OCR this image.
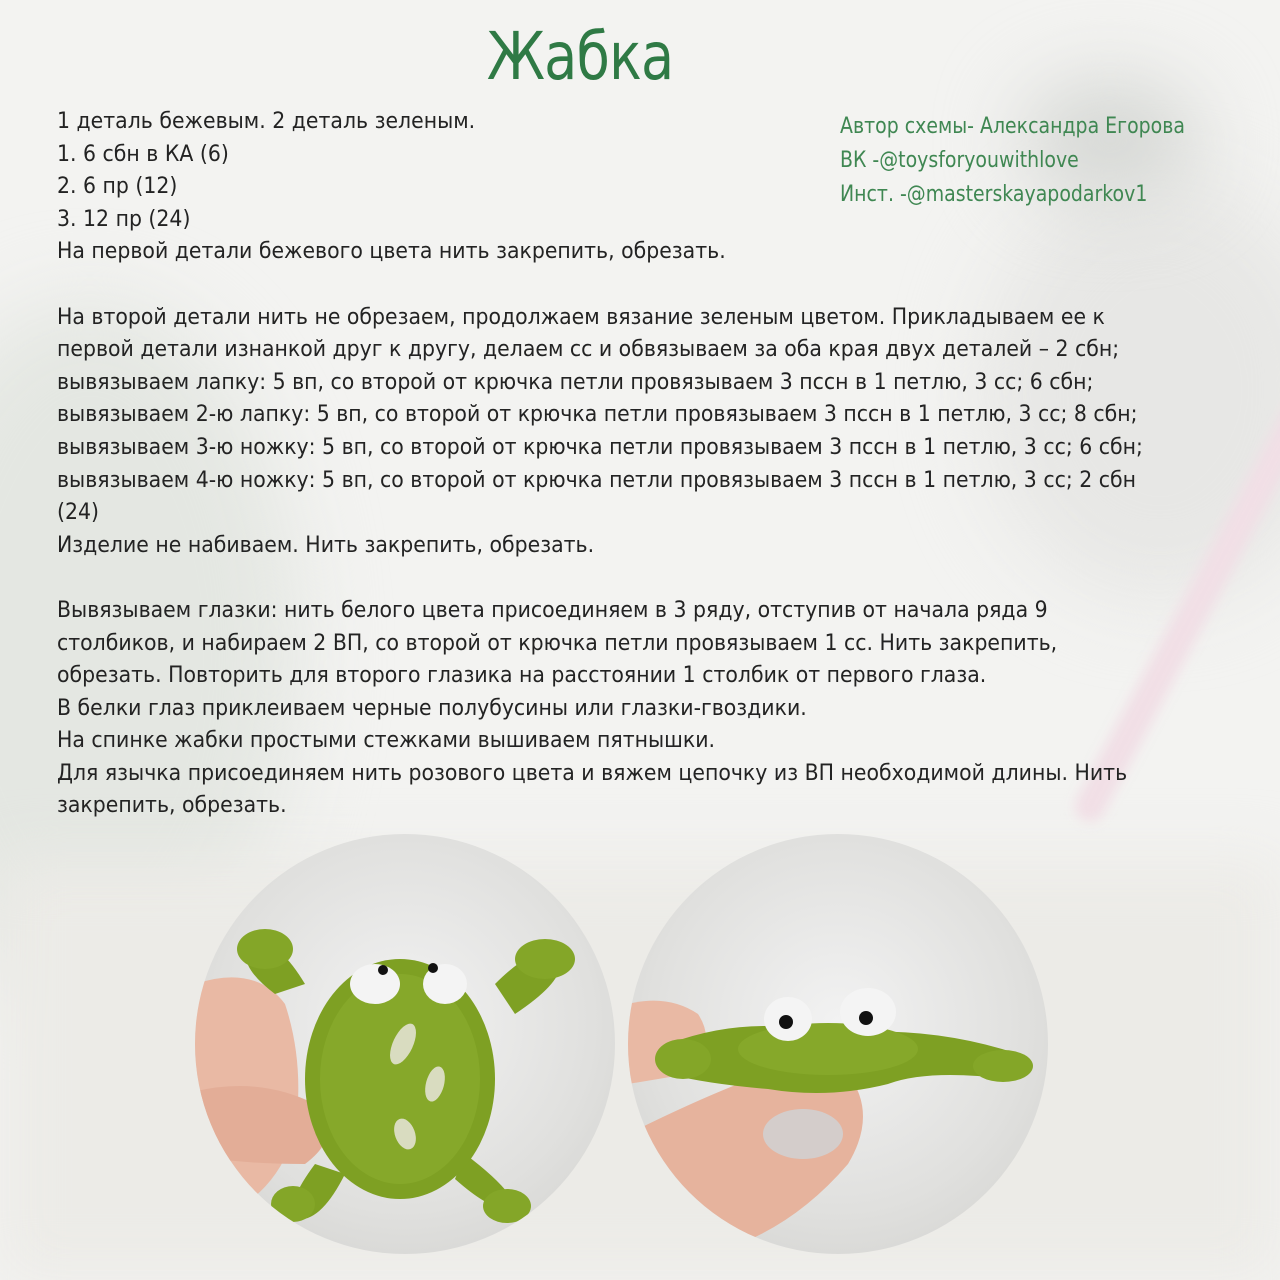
Жабка
Автор схемы- Александра Егорова
ВК -@toysforyouwithlove
Инст. -@masterskayapodarkov1

1 деталь бежевым. 2 деталь зеленым.

1. 6 сбн в КА (6)

2. 6 пр (12)

3. 12 пр (24)

На первой детали бежевого цвета нить закрепить, обрезать.

На второй детали нить не обрезаем, продолжаем вязание зеленым цветом. Прикладываем ее к

первой детали изнанкой друг к другу, делаем сс и обвязываем за оба края двух деталей – 2 сбн;

вывязываем лапку: 5 вп, со второй от крючка петли провязываем 3 пссн в 1 петлю, 3 сс; 6 сбн;

вывязываем 2-ю лапку: 5 вп, со второй от крючка петли провязываем 3 пссн в 1 петлю, 3 сс; 8 сбн;

вывязываем 3-ю ножку: 5 вп, со второй от крючка петли провязываем 3 пссн в 1 петлю, 3 сс; 6 сбн;

вывязываем 4-ю ножку: 5 вп, со второй от крючка петли провязываем 3 пссн в 1 петлю, 3 сс; 2 сбн

(24)

Изделие не набиваем. Нить закрепить, обрезать.

Вывязываем глазки: нить белого цвета присоединяем в 3 ряду, отступив от начала ряда 9

столбиков, и набираем 2 ВП, со второй от крючка петли провязываем 1 сс. Нить закрепить,

обрезать. Повторить для второго глазика на расстоянии 1 столбик от первого глаза.

В белки глаз приклеиваем черные полубусины или глазки-гвоздики.

На спинке жабки простыми стежками вышиваем пятнышки.

Для язычка присоединяем нить розового цвета и вяжем цепочку из ВП необходимой длины. Нить

закрепить, обрезать.
